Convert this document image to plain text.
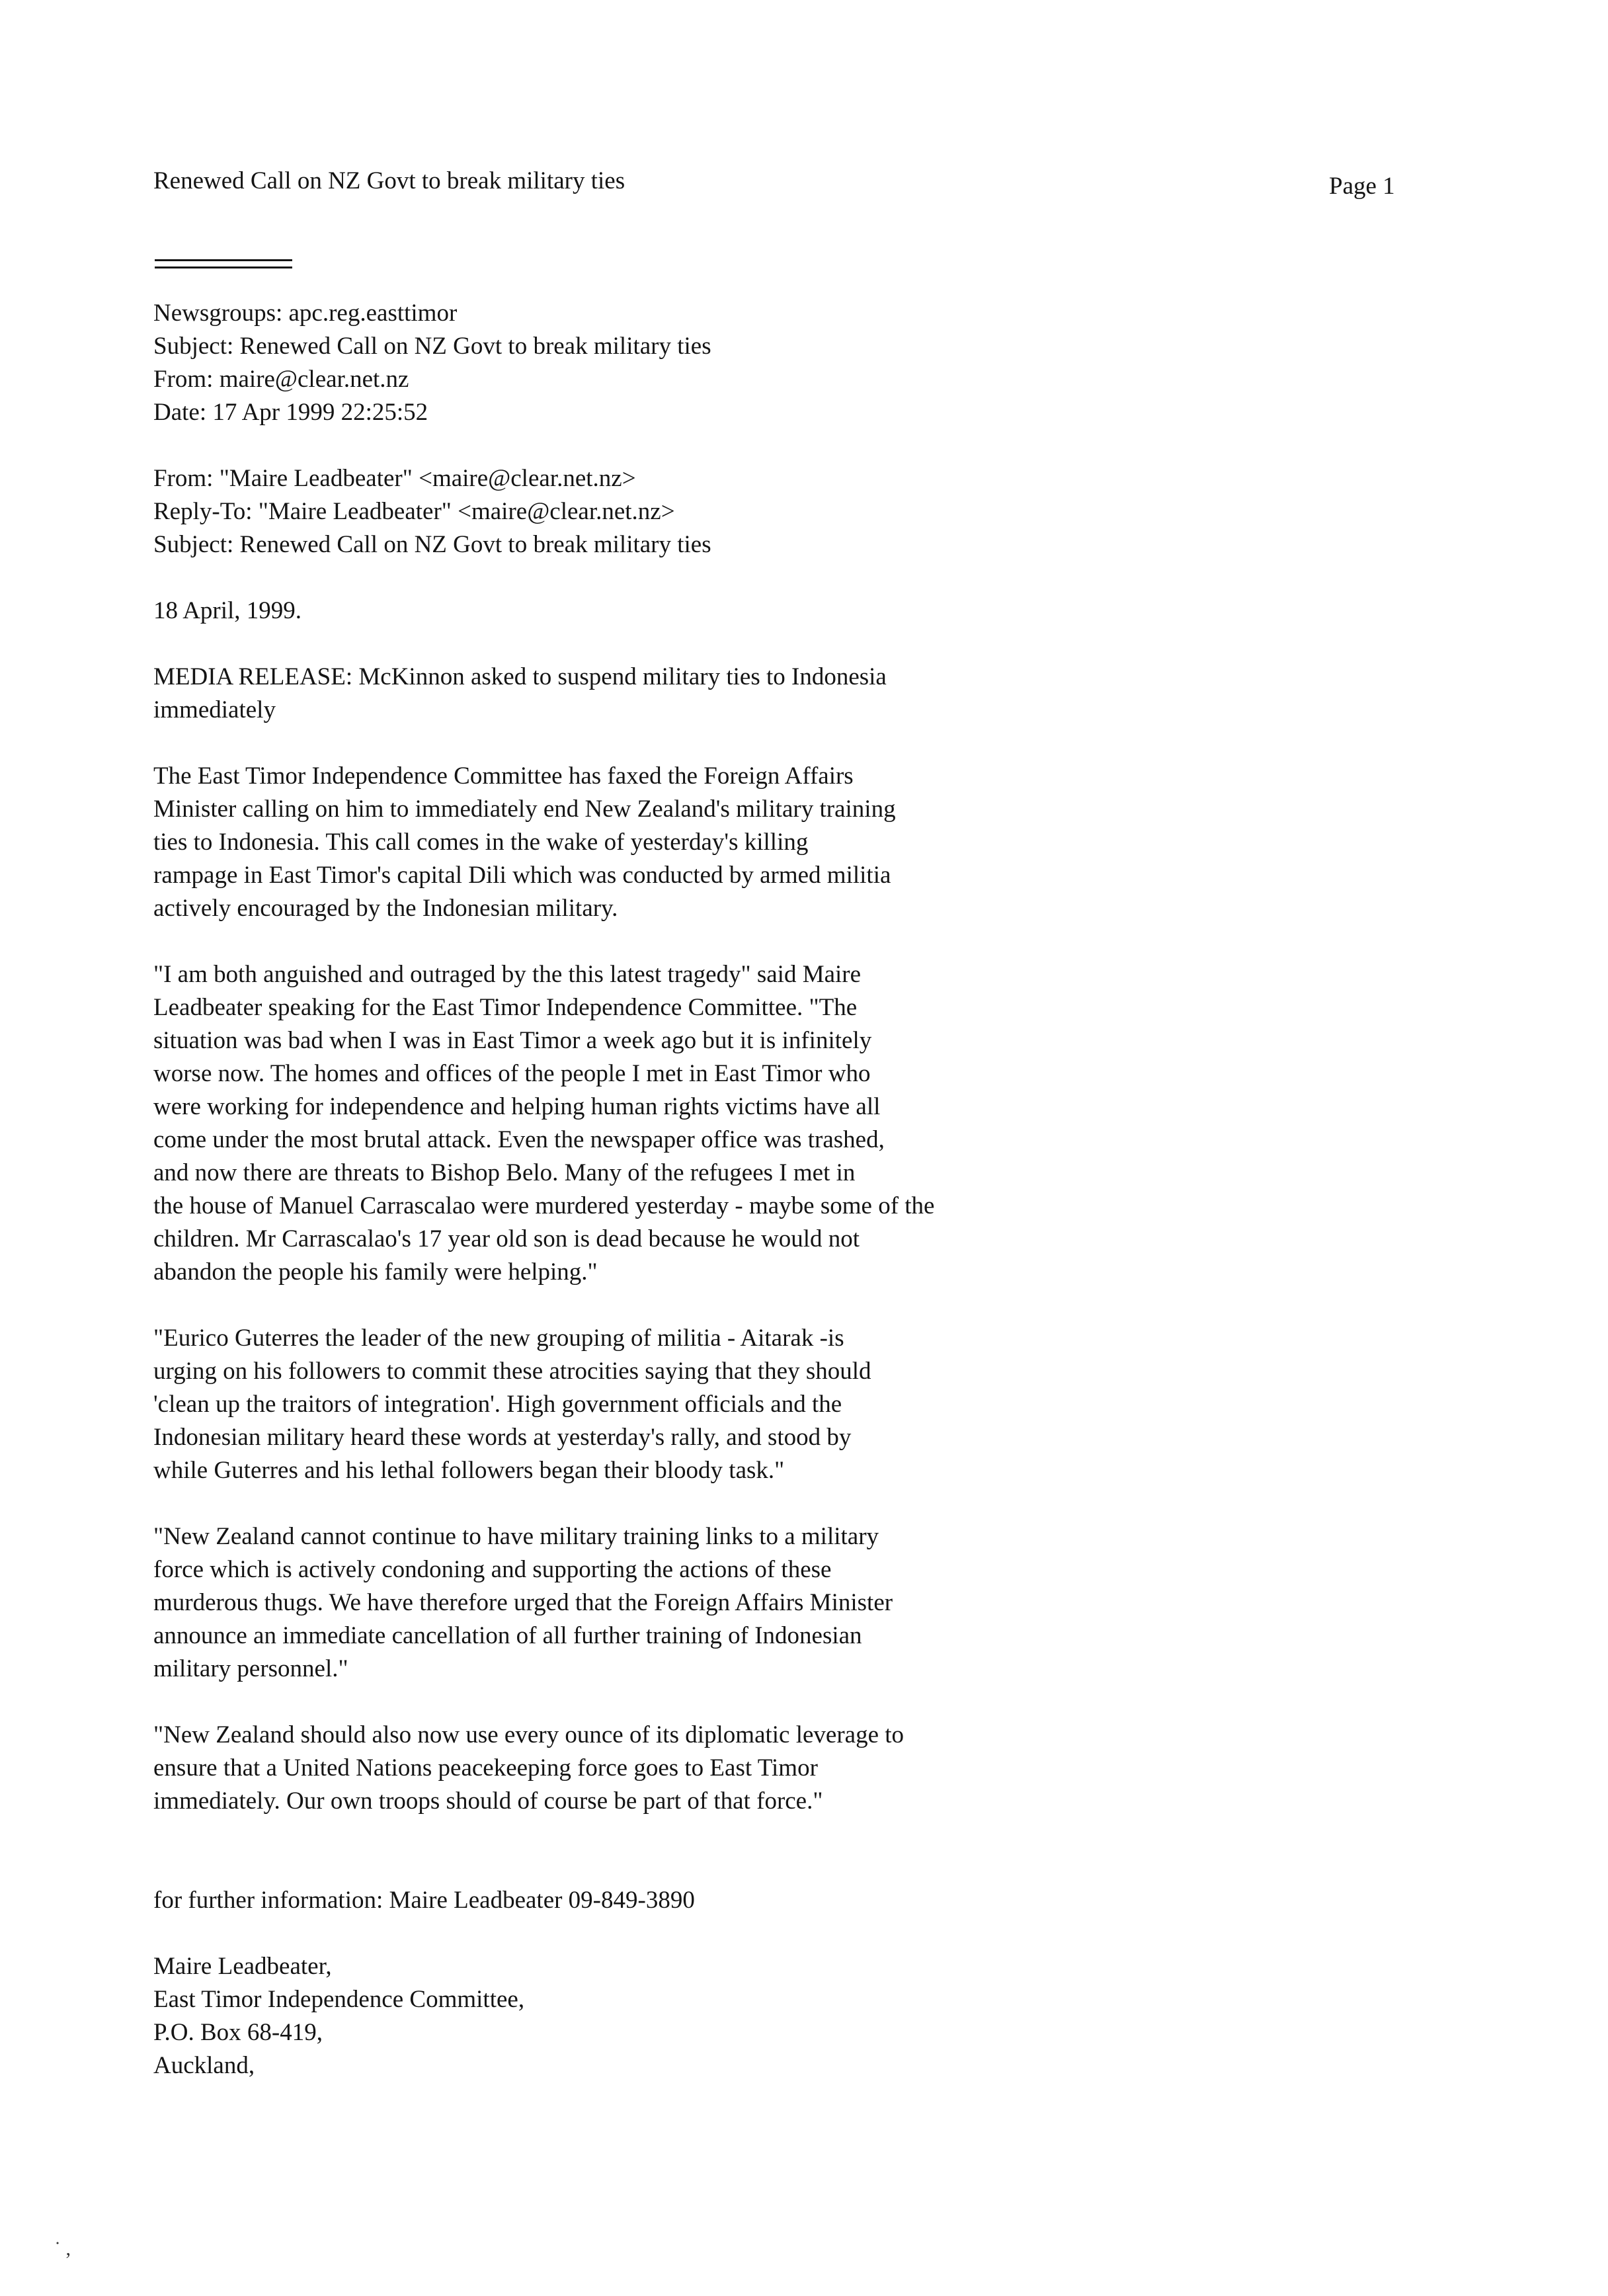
Renewed Call on NZ Govt to break military ties	Page 1
Newsgroups: apc.reg.easttimor
Subject: Renewed Call on NZ Govt to break military ties
From: maire@clear.net.nz
Date: 17 Apr 1999 22:25:52
From: "Maire Leadbeater" <maire@clear.net.nz>
Reply-To: "Maire Leadbeater" <maire@clear.net.nz>
Subject: Renewed Call on NZ Govt to break military ties
18 April, 1999.
MEDIA RELEASE: McKinnon asked to suspend military ties to Indonesia
immediately
The East Timor Independence Committee has faxed the Foreign Affairs
Minister calling on him to immediately end New Zealand's military training
ties to Indonesia. This call comes in the wake of yesterday's killing
rampage in East Timor's capital Dili which was conducted by armed militia
actively encouraged by the Indonesian military.
"I am both anguished and outraged by the this latest tragedy" said Maire
Leadbeater speaking for the East Timor Independence Committee. "The
situation was bad when I was in East Timor a week ago but it is infinitely
worse now. The homes and offices of the people I met in East Timor who
were working for independence and helping human rights victims have all
come under the most brutal attack. Even the newspaper office was trashed,
and now there are threats to Bishop Belo. Many of the refugees I met in
the house of Manuel Carrascalao were murdered yesterday - maybe some of the
children. Mr Carrascalao's 17 year old son is dead because he would not
abandon the people his family were helping."
"Eurico Guterres the leader of the new grouping of militia - Aitarak -is
urging on his followers to commit these atrocities saying that they should
'clean up the traitors of integration'. High government officials and the
Indonesian military heard these words at yesterday's rally, and stood by
while Guterres and his lethal followers began their bloody task."
"New Zealand cannot continue to have military training links to a military
force which is actively condoning and supporting the actions of these
murderous thugs. We have therefore urged that the Foreign Affairs Minister
announce an immediate cancellation of all further training of Indonesian
military personnel."
"New Zealand should also now use every ounce of its diplomatic leverage to
ensure that a United Nations peacekeeping force goes to East Timor
immediately. Our own troops should of course be part of that force."
for further information: Maire Leadbeater 09-849-3890
Maire Leadbeater,
East Timor Independence Committee,
P.O. Box 68-419,
Auckland,
˙ ,
